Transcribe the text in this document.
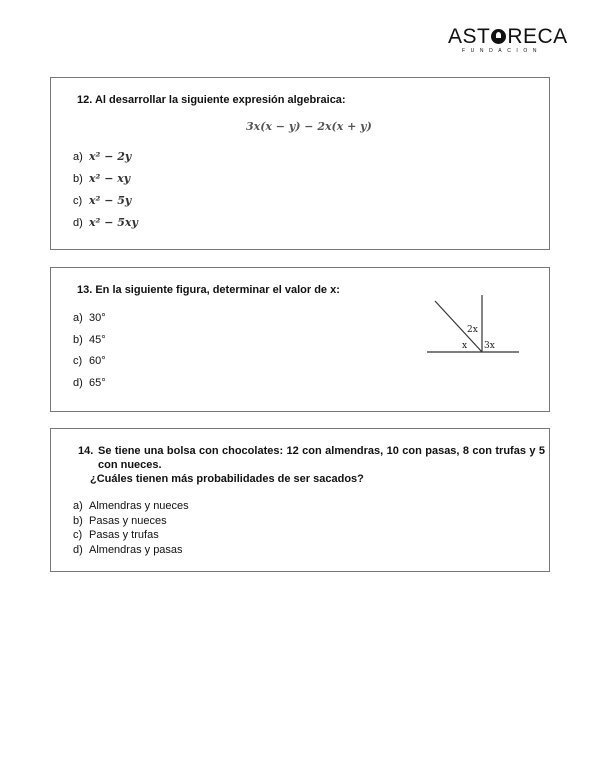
AST RECA
FUNDACION
12. Al desarrollar la siguiente expresión algebraica:
3x(x − y) − 2x(x + y)
a) x² − 2y
b) x² − xy
c) x² − 5y
d) x² − 5xy
13. En la siguiente figura, determinar el valor de x:
a) 30°
b) 45°
c) 60°
d) 65°
2x
x 3x
14. Se tiene una bolsa con chocolates: 12 con almendras, 10 con pasas, 8 con trufas y 5 con nueces.
¿Cuáles tienen más probabilidades de ser sacados?
a) Almendras y nueces
b) Pasas y nueces
c) Pasas y trufas
d) Almendras y pasas
